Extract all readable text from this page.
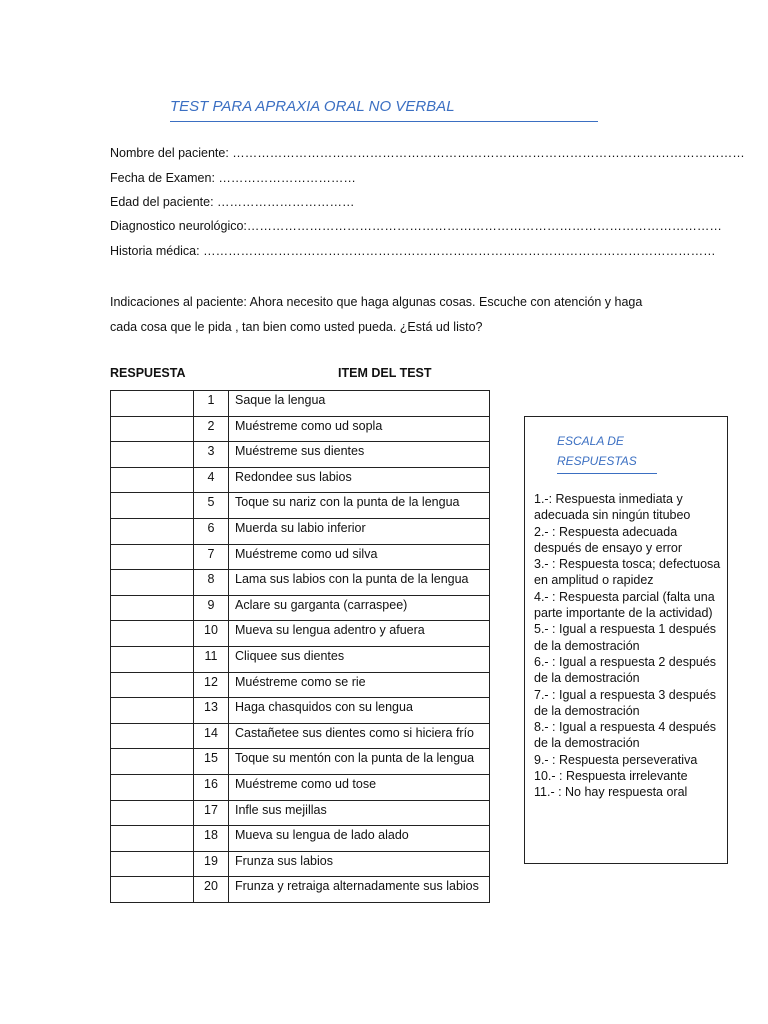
TEST PARA APRAXIA ORAL NO VERBAL
Nombre del paciente: ……………………………………………………………………………………………………………
Fecha de Examen: ……………………………
Edad del paciente: ……………………………
Diagnostico neurológico:……………………………………………………………………………………………………
Historia médica: ……………………………………………………………………………………………………………
Indicaciones al paciente: Ahora necesito que haga algunas cosas. Escuche con atención y haga cada cosa que le pida , tan bien como usted pueda. ¿Está ud listo?
RESPUESTA	ITEM DEL TEST
	1	Saque la lengua
	2	Muéstreme como ud sopla
	3	Muéstreme sus dientes
	4	Redondee sus labios
	5	Toque su nariz con la punta de la lengua
	6	Muerda su labio inferior
	7	Muéstreme como ud silva
	8	Lama sus labios con la punta de la lengua
	9	Aclare su garganta (carraspee)
	10	Mueva su lengua adentro y afuera
	11	Cliquee sus dientes
	12	Muéstreme como se rie
	13	Haga chasquidos con su lengua
	14	Castañetee sus dientes como si hiciera frío
	15	Toque su mentón con la punta de la lengua
	16	Muéstreme como ud tose
	17	Infle sus mejillas
	18	Mueva su lengua de lado alado
	19	Frunza sus labios
	20	Frunza y retraiga alternadamente sus labios
ESCALA DE RESPUESTAS
1.-: Respuesta inmediata y adecuada sin ningún titubeo
2.- : Respuesta adecuada después de ensayo y error
3.- : Respuesta tosca; defectuosa en amplitud o rapidez
4.- : Respuesta parcial (falta una parte importante de la actividad)
5.- : Igual a respuesta 1 después de la demostración
6.- : Igual a respuesta 2 después de la demostración
7.- : Igual a respuesta 3 después de la demostración
8.- : Igual a respuesta 4 después de la demostración
9.- : Respuesta perseverativa
10.- : Respuesta irrelevante
11.- : No hay respuesta oral
